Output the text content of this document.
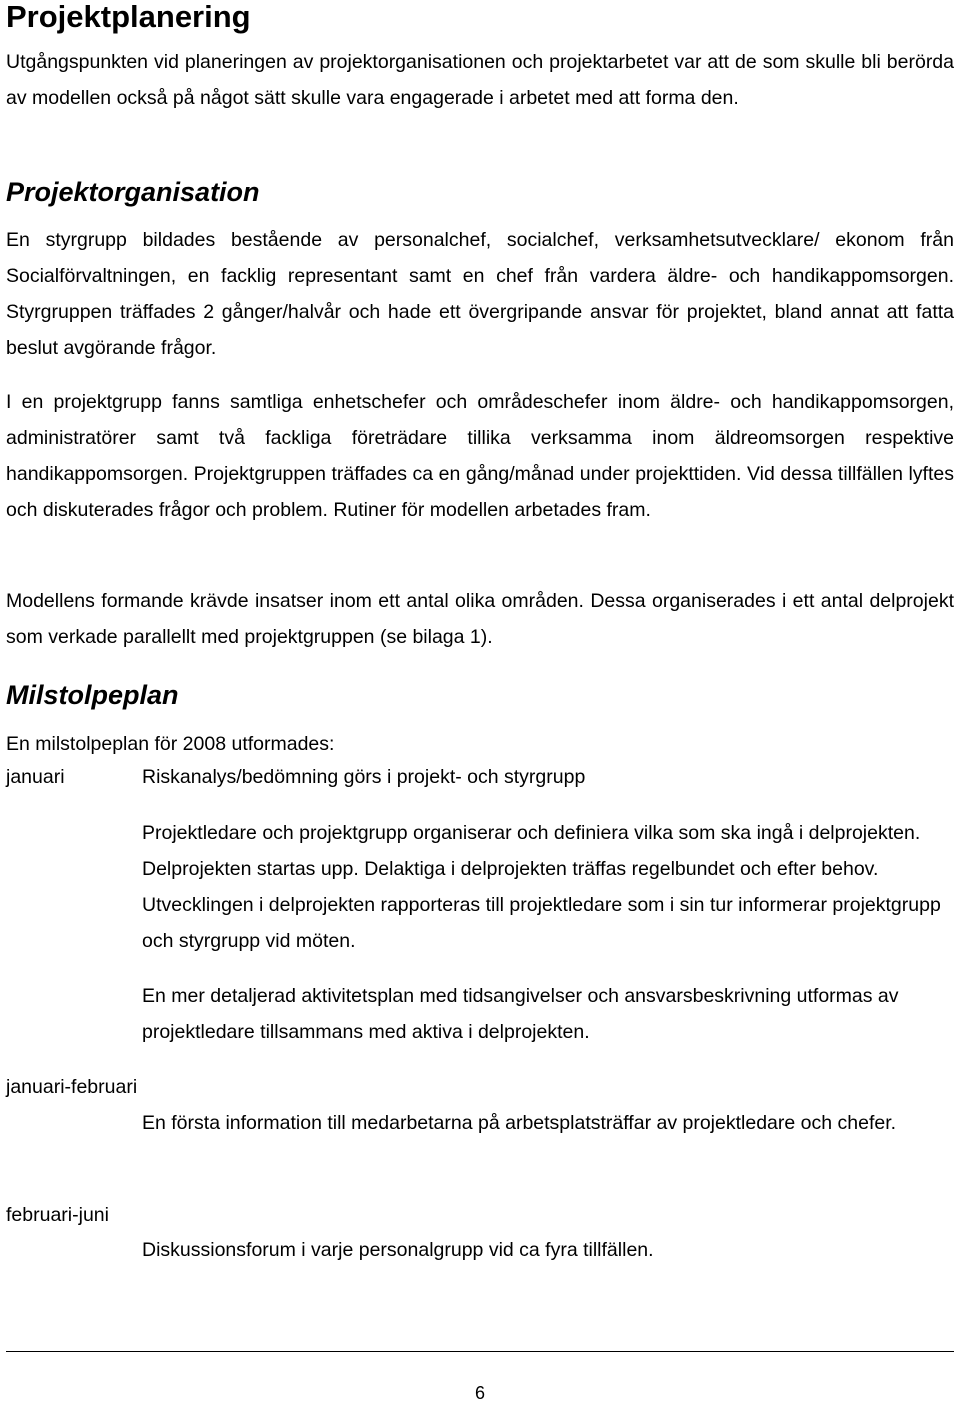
Projektplanering

Utgångspunkten vid planeringen av projektorganisationen och projektarbetet var att de som skulle bli berörda av modellen också på något sätt skulle vara engagerade i arbetet med att forma den.

Projektorganisation

En styrgrupp bildades bestående av personalchef, socialchef, verksamhetsutvecklare/ ekonom från Socialförvaltningen, en facklig representant samt en chef från vardera äldre- och handikappomsorgen. Styrgruppen träffades 2 gånger/halvår och hade ett övergripande ansvar för projektet, bland annat att fatta beslut avgörande frågor.

I en projektgrupp fanns samtliga enhetschefer och områdeschefer inom äldre- och handikappomsorgen, administratörer samt två fackliga företrädare tillika verksamma inom äldreomsorgen respektive handikappomsorgen. Projektgruppen träffades ca en gång/månad under projekttiden. Vid dessa tillfällen lyftes och diskuterades frågor och problem. Rutiner för modellen arbetades fram.

Modellens formande krävde insatser inom ett antal olika områden. Dessa organiserades i ett antal delprojekt som verkade parallellt med projektgruppen (se bilaga 1).

Milstolpeplan

En milstolpeplan för 2008 utformades:

januari	Riskanalys/bedömning görs i projekt- och styrgrupp

Projektledare och projektgrupp organiserar och definiera vilka som ska ingå i delprojekten. Delprojekten startas upp. Delaktiga i delprojekten träffas regelbundet och efter behov. Utvecklingen i delprojekten rapporteras till projektledare som i sin tur informerar projektgrupp och styrgrupp vid möten.

En mer detaljerad aktivitetsplan med tidsangivelser och ansvarsbeskrivning utformas av projektledare tillsammans med aktiva i delprojekten.

januari-februari

En första information till medarbetarna på arbetsplatsträffar av projektledare och chefer.

februari-juni

Diskussionsforum i varje personalgrupp vid ca fyra tillfällen.

6
